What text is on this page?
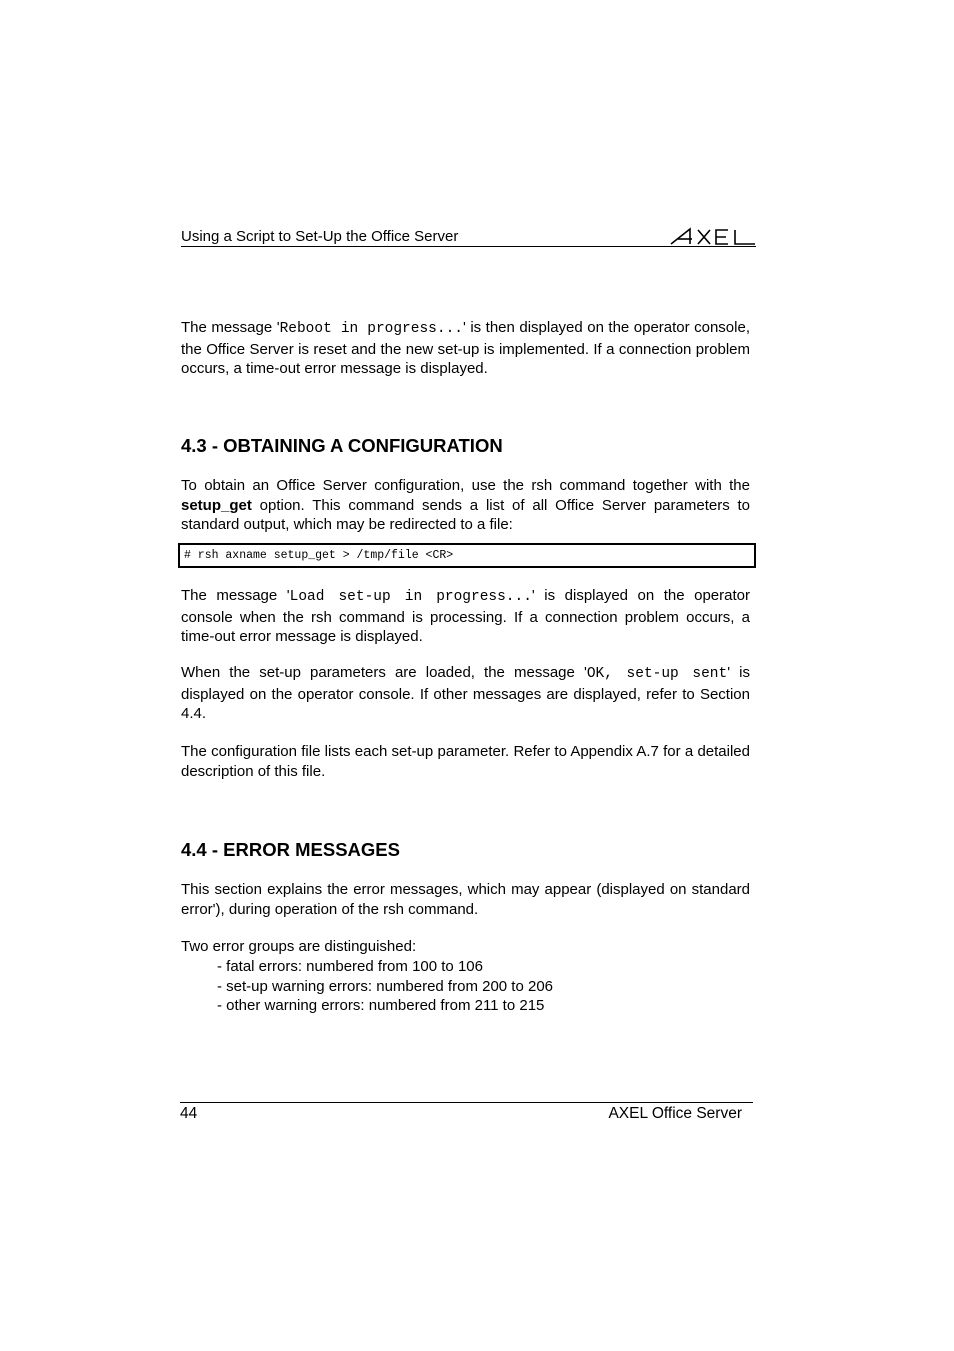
Using a Script to Set-Up the Office Server
The message 'Reboot in progress...' is then displayed on the operator console, the Office Server is reset and the new set-up is implemented. If a connection problem occurs, a time-out error message is displayed.
4.3 - OBTAINING A CONFIGURATION
To obtain an Office Server configuration, use the rsh command together with the setup_get option. This command sends a list of all Office Server parameters to standard output, which may be redirected to a file:
# rsh axname setup_get > /tmp/file <CR>
The message 'Load set-up in progress...' is displayed on the operator console when the rsh command is processing. If a connection problem occurs, a time-out error message is displayed.
When the set-up parameters are loaded, the message 'OK, set-up sent' is displayed on the operator console. If other messages are displayed, refer to Section 4.4.
The configuration file lists each set-up parameter. Refer to Appendix A.7 for a detailed description of this file.
4.4 - ERROR MESSAGES
This section explains the error messages, which may appear (displayed on standard error'), during operation of the rsh command.
Two error groups are distinguished:
- fatal errors: numbered from 100 to 106
- set-up warning errors: numbered from 200 to 206
- other warning errors: numbered from 211 to 215
44	AXEL Office Server
